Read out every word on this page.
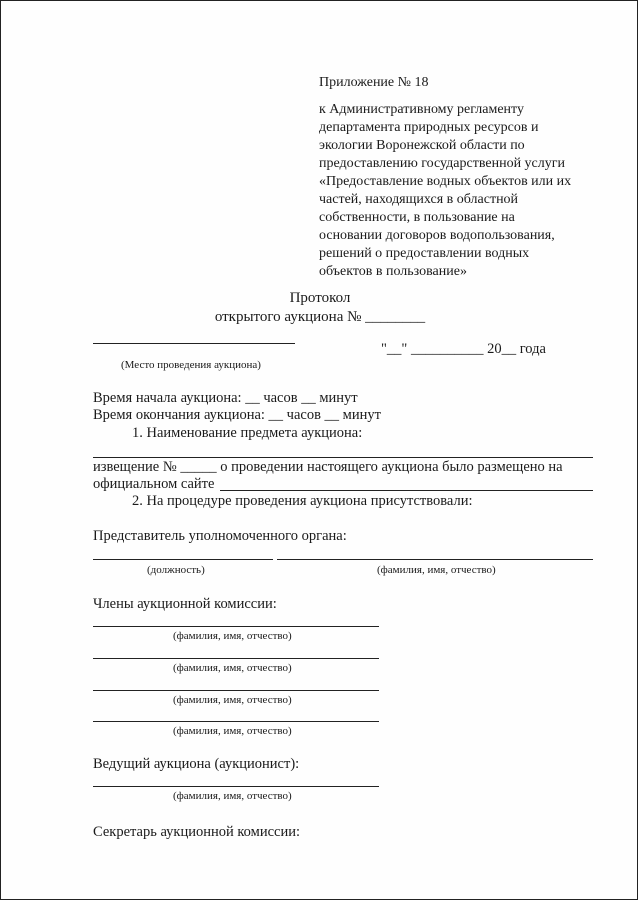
Приложение № 18
к Административному регламенту
департамента природных ресурсов и
экологии Воронежской области по
предоставлению государственной услуги
«Предоставление водных объектов или их
частей, находящихся в областной
собственности, в пользование на
основании договоров водопользования,
решений о предоставлении водных
объектов в пользование»
Протокол
открытого аукциона № ________
(Место проведения аукциона)
"__" __________ 20__ года
Время начала аукциона: __ часов __ минут
Время окончания аукциона: __ часов __ минут
1. Наименование предмета аукциона:
извещение № _____ о проведении настоящего аукциона было размещено на
официальном сайте
2. На процедуре проведения аукциона присутствовали:
Представитель уполномоченного органа:
(должность)	(фамилия, имя, отчество)
Члены аукционной комиссии:
(фамилия, имя, отчество)
(фамилия, имя, отчество)
(фамилия, имя, отчество)
(фамилия, имя, отчество)
Ведущий аукциона (аукционист):
(фамилия, имя, отчество)
Секретарь аукционной комиссии:
